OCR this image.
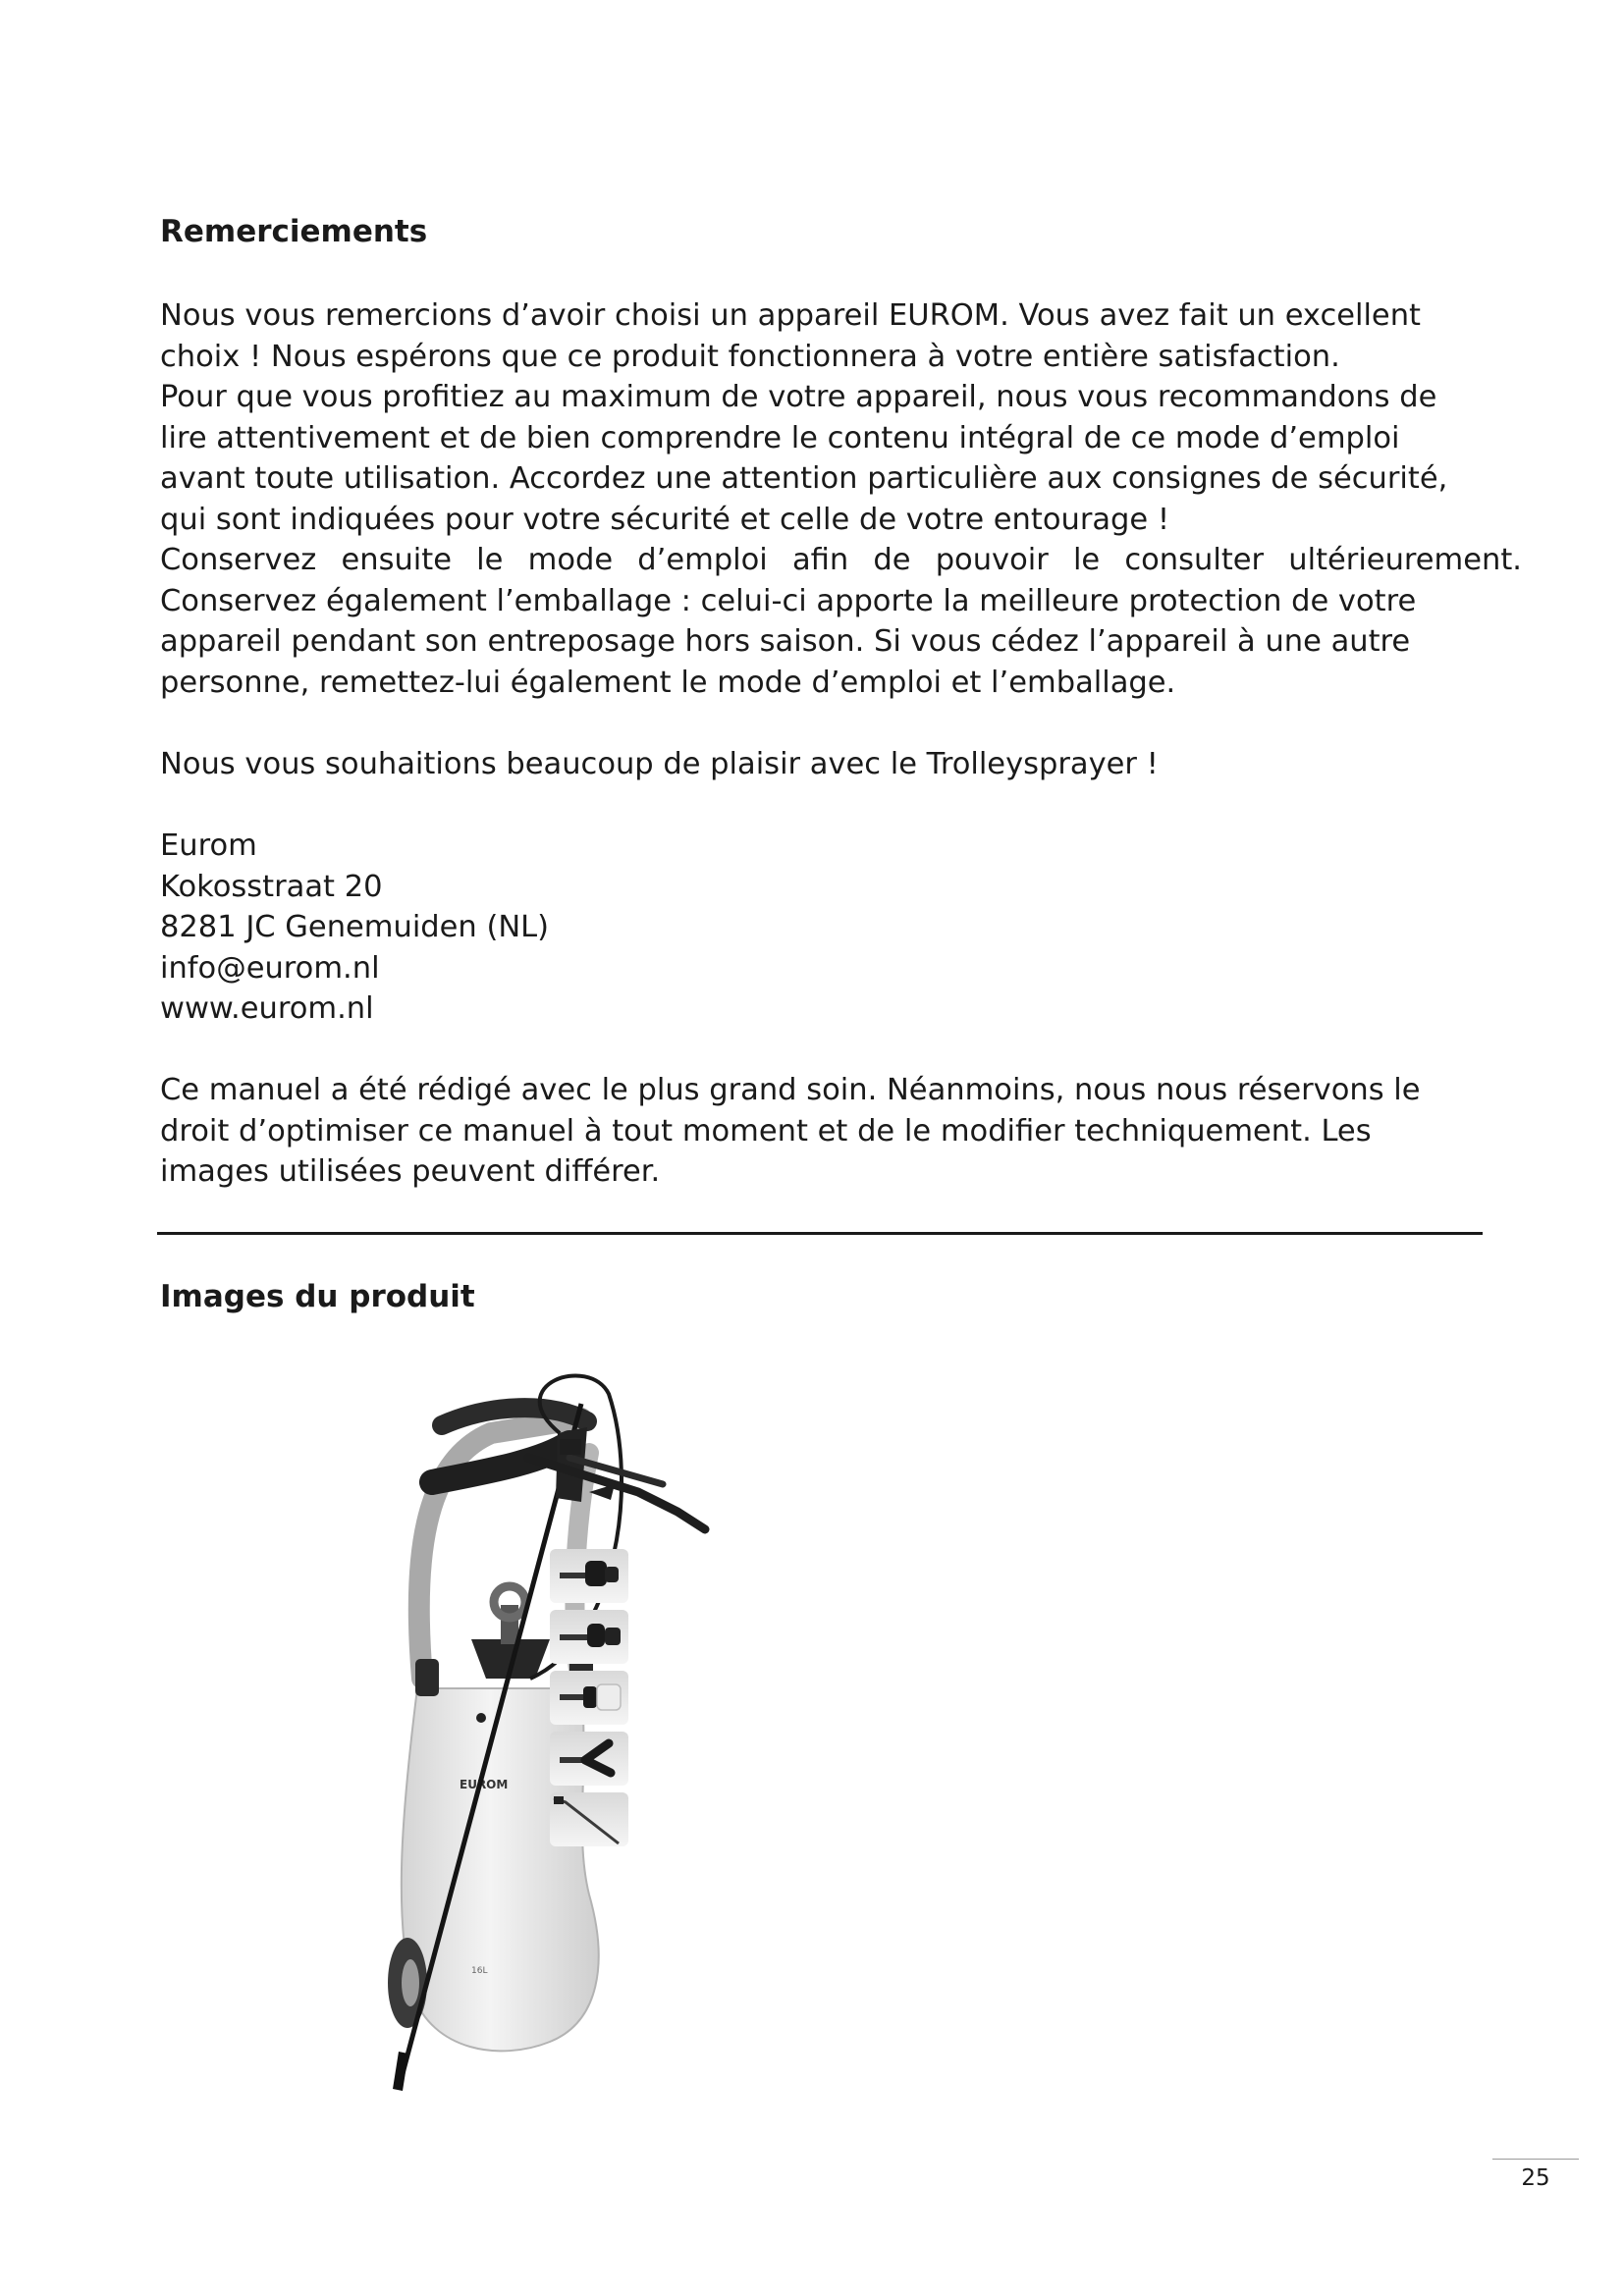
Remerciements
Nous vous remercions d’avoir choisi un appareil EUROM. Vous avez fait un excellent
choix ! Nous espérons que ce produit fonctionnera à votre entière satisfaction.
Pour que vous profitiez au maximum de votre appareil, nous vous recommandons de
lire attentivement et de bien comprendre le contenu intégral de ce mode d’emploi
avant toute utilisation. Accordez une attention particulière aux consignes de sécurité,
qui sont indiquées pour votre sécurité et celle de votre entourage !
Conservez ensuite le mode d’emploi afin de pouvoir le consulter ultérieurement.
Conservez également l’emballage : celui-ci apporte la meilleure protection de votre
appareil pendant son entreposage hors saison. Si vous cédez l’appareil à une autre
personne, remettez-lui également le mode d’emploi et l’emballage.

Nous vous souhaitions beaucoup de plaisir avec le Trolleysprayer !

Eurom
Kokosstraat 20
8281 JC Genemuiden (NL)
info@eurom.nl
www.eurom.nl
Ce manuel a été rédigé avec le plus grand soin. Néanmoins, nous nous réservons le
droit d’optimiser ce manuel à tout moment et de le modifier techniquement. Les
images utilisées peuvent différer.
Images du produit
EUROM
16L
25
